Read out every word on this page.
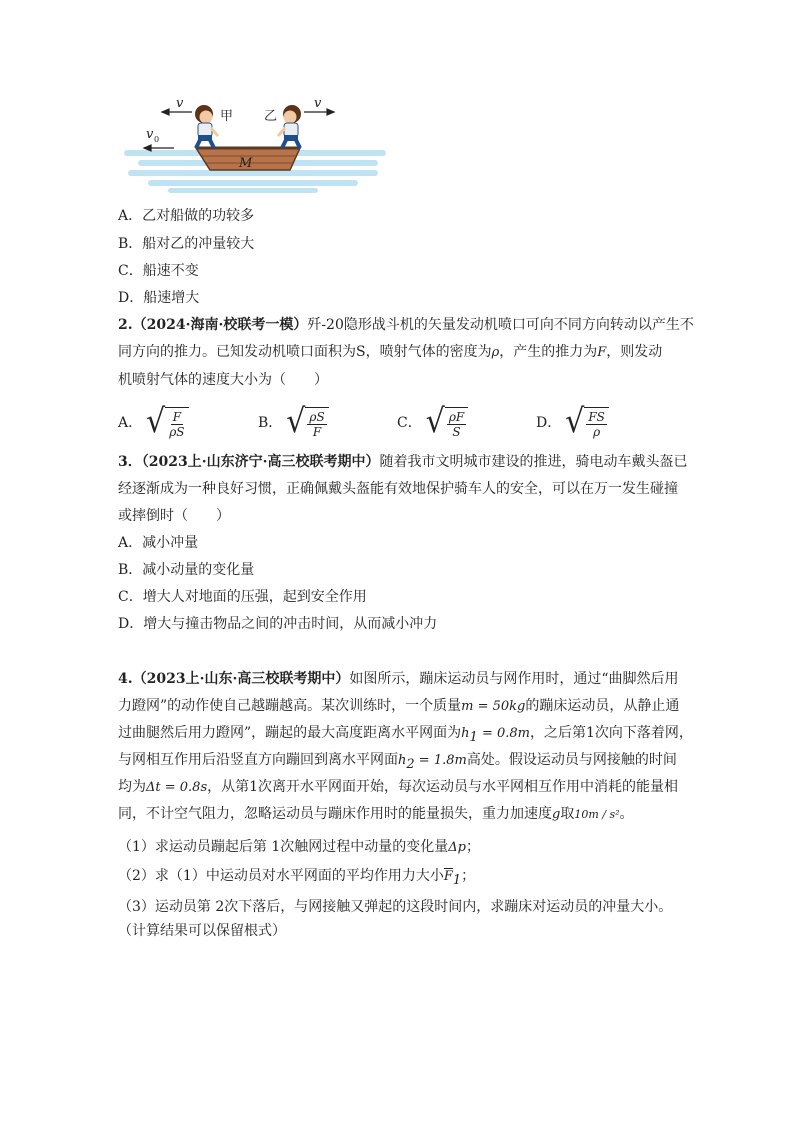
M
v
甲 乙
v
v 0
A．乙对船做的功较多
B．船对乙的冲量较大
C．船速不变
D．船速增大
2.（2024·海南·校联考一模）歼-20隐形战斗机的矢量发动机喷口可向不同方向转动以产生不
同方向的推力。已知发动机喷口面积为S，喷射气体的密度为ρ，产生的推力为F，则发动
机喷射气体的速度大小为（　　）
A． √ $\frac{F}{\rho S}$	B． √ $\frac{\rho S}{F}$	C． √ $\frac{\rho F}{S}$	D． √ $\frac{FS}{\rho}$
3．（2023上·山东济宁·高三校联考期中）随着我市文明城市建设的推进，骑电动车戴头盔已
经逐渐成为一种良好习惯，正确佩戴头盔能有效地保护骑车人的安全，可以在万一发生碰撞
或摔倒时（　　）
A．减小冲量
B．减小动量的变化量
C．增大人对地面的压强，起到安全作用
D．增大与撞击物品之间的冲击时间，从而减小冲力
4.（2023上·山东·高三校联考期中）如图所示，蹦床运动员与网作用时，通过“曲脚然后用
力蹬网”的动作使自己越蹦越高。某次训练时，一个质量m = 50kg的蹦床运动员，从静止通
过曲腿然后用力蹬网”，蹦起的最大高度距离水平网面为$h_1 = 0.8m$，之后第1次向下落着网，
与网相互作用后沿竖直方向蹦回到离水平网面$h_2 = 1.8m$高处。假设运动员与网接触的时间
均为Δt = 0.8s，从第1次离开水平网面开始，每次运动员与水平网相互作用中消耗的能量相
同，不计空气阻力，忽略运动员与蹦床作用时的能量损失，重力加速度g取10m / s²。
（1）求运动员蹦起后第 1次触网过程中动量的变化量Δp；
（2）求（1）中运动员对水平网面的平均作用力大小$\overline{F}_1$；
（3）运动员第 2次下落后，与网接触又弹起的这段时间内，求蹦床对运动员的冲量大小。
（计算结果可以保留根式）
